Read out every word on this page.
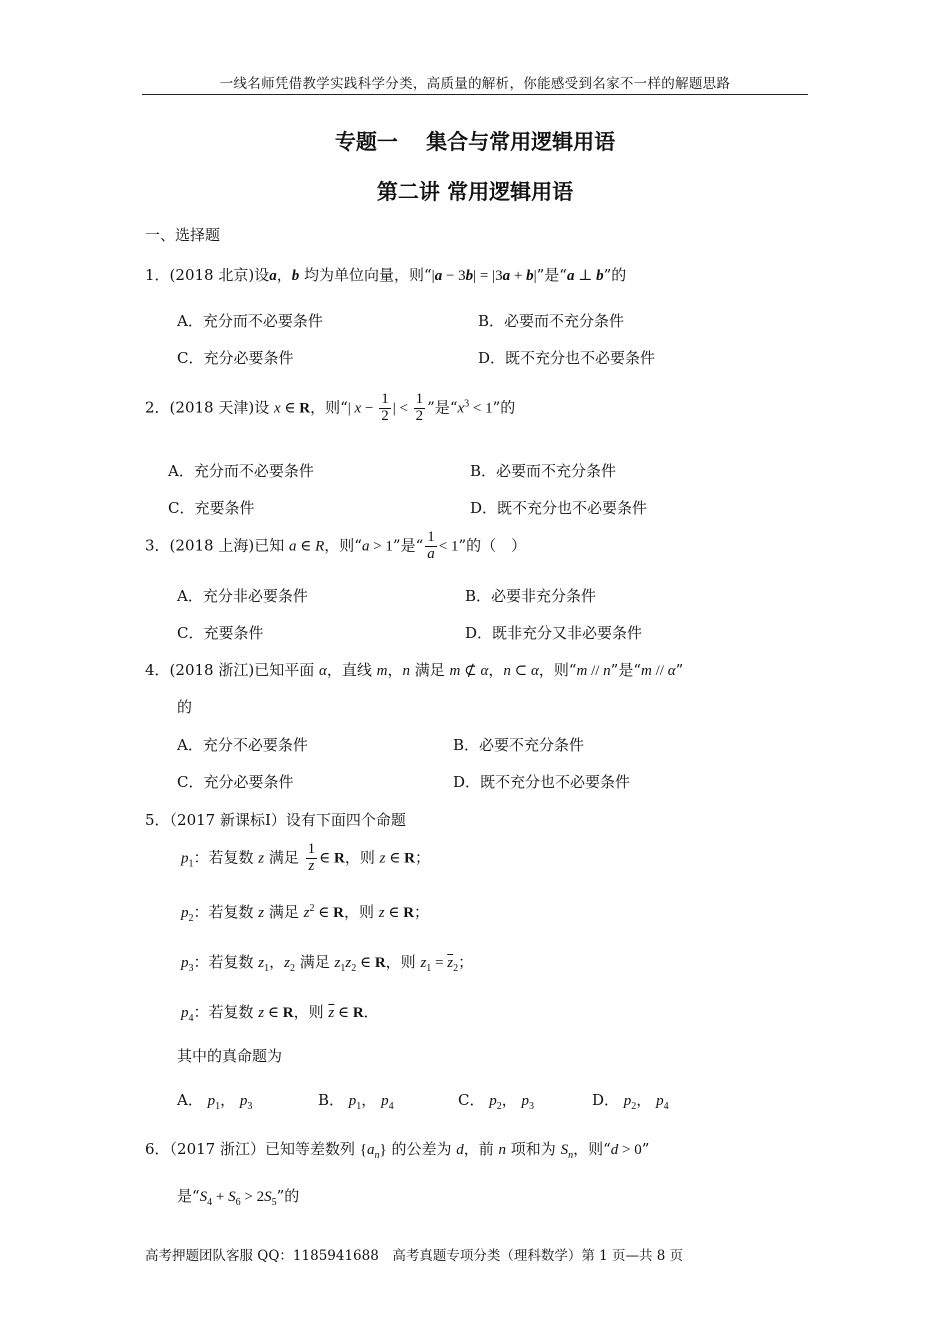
一线名师凭借教学实践科学分类，高质量的解析，你能感受到名家不一样的解题思路
专题一　 集合与常用逻辑用语
第二讲 常用逻辑用语
一、选择题
1．(2018 北京)设a，b 均为单位向量，则“|a − 3b| = |3a + b|”是“a ⊥ b”的
A．充分而不必要条件	B．必要而不充分条件
C．充分必要条件	D．既不充分也不必要条件
2．(2018 天津)设 x ∈ R，则“| $x - \frac{1}{2}$ | < $\frac{1}{2}$ ”是“$x^3 < 1$”的
A．充分而不必要条件	B．必要而不充分条件
C．充要条件	D．既不充分也不必要条件
3．(2018 上海)已知 a ∈ R，则“a > 1”是“ $\frac{1}{a} < 1$”的（　）
A．充分非必要条件	B．必要非充分条件
C．充要条件	D．既非充分又非必要条件
4．(2018 浙江)已知平面 α，直线 m，n 满足 m ⊄ α，n ⊂ α，则“m // n”是“m // α”
的
A．充分不必要条件	B．必要不充分条件
C．充分必要条件	D．既不充分也不必要条件
5．（2017 新课标Ⅰ）设有下面四个命题
$p_1$：若复数 z 满足 $\frac{1}{z}$ ∈ R，则 z ∈ R；
$p_2$：若复数 z 满足 $z^2$ ∈ R，则 z ∈ R；
$p_3$：若复数 $z_1$，$z_2$ 满足 $z_1z_2$ ∈ R，则 $z_1 = \overline{z}_2$；
$p_4$：若复数 z ∈ R，则 $\overline{z}$ ∈ R．
其中的真命题为
A． $p_1$， $p_3$	B． $p_1$， $p_4$	C． $p_2$， $p_3$	D． $p_2$， $p_4$
6．（2017 浙江）已知等差数列 $\{a_n\}$ 的公差为 d，前 n 项和为 $S_n$，则“d > 0”
是“$S_4 + S_6 > 2S_5$”的
高考押题团队客服 QQ：1185941688　高考真题专项分类（理科数学）第 1 页—共 8 页
